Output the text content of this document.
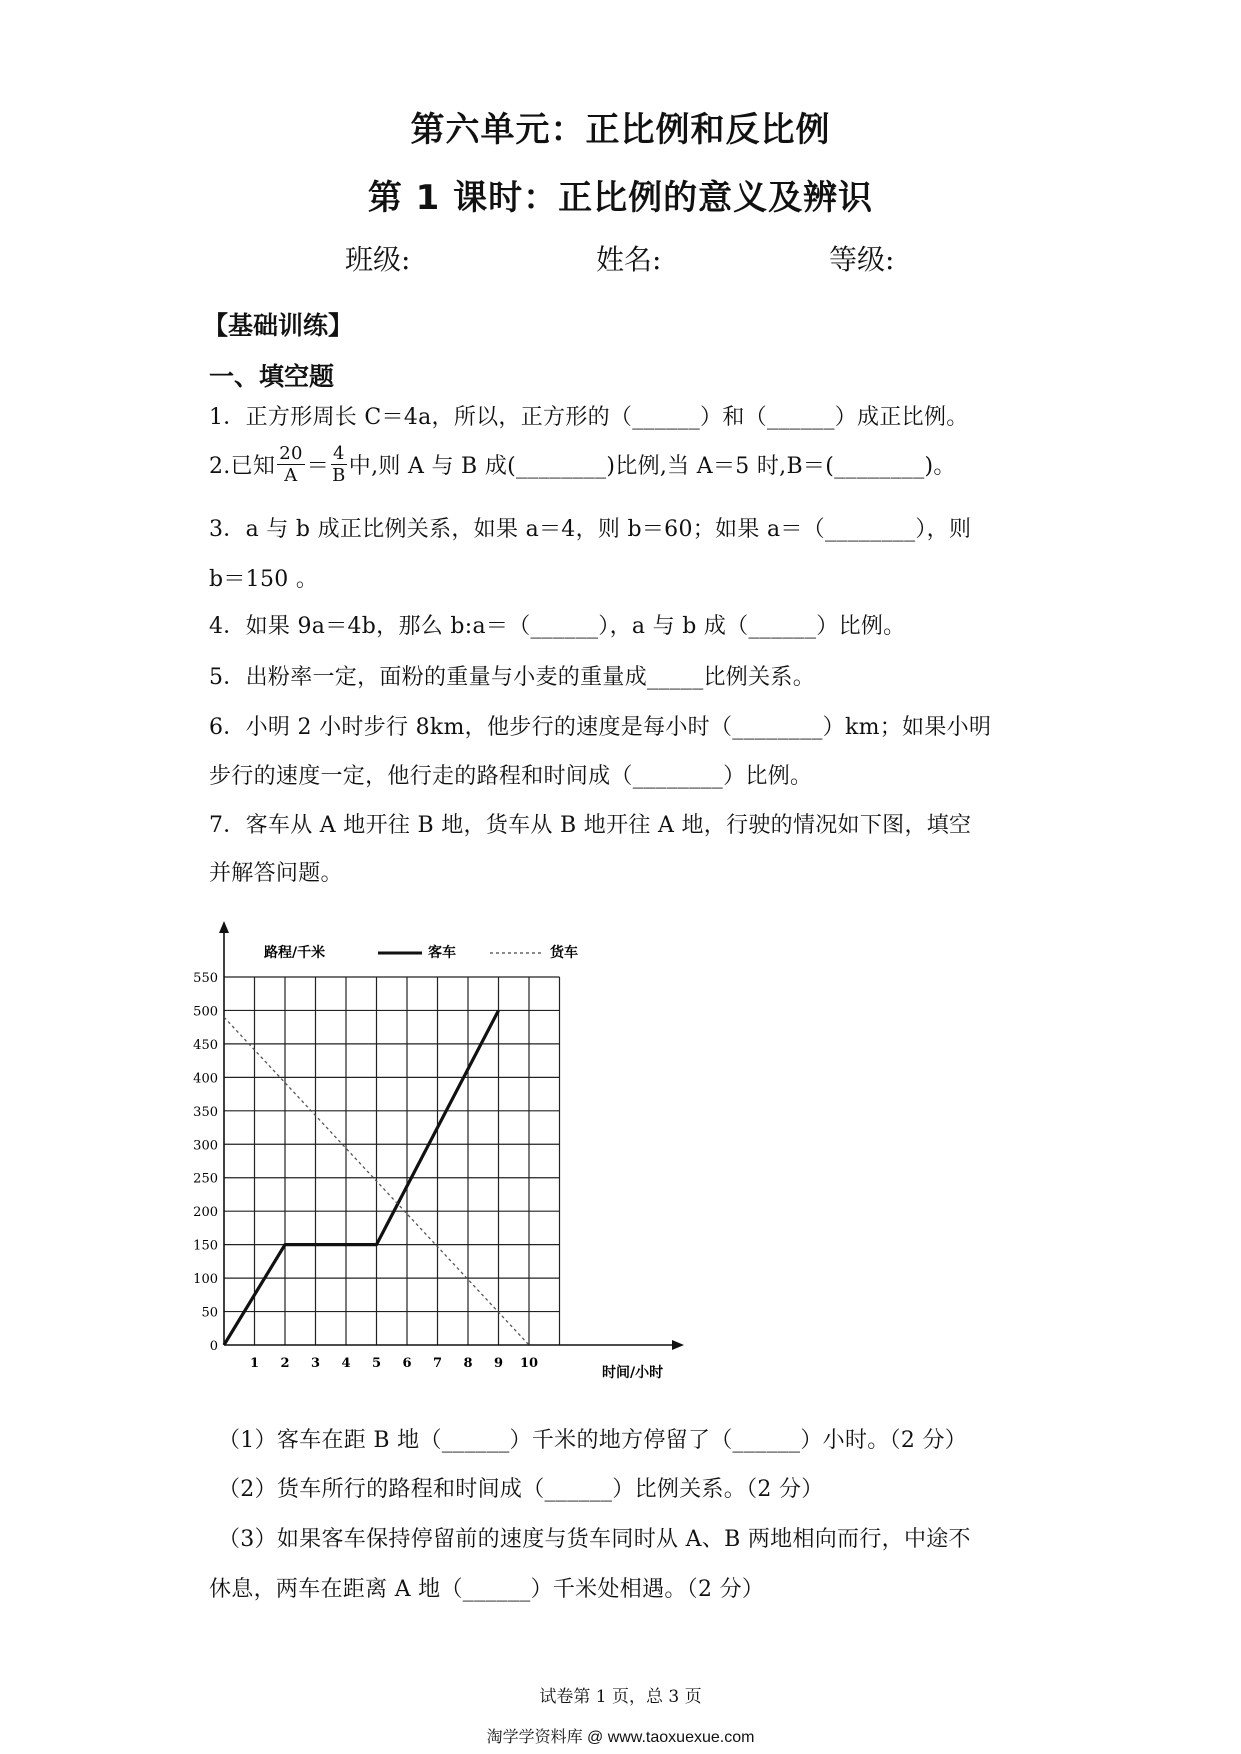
第六单元：正比例和反比例
第 1 课时：正比例的意义及辨识
班级:	姓名:	等级:
【基础训练】
一、填空题
1．正方形周长 C＝4a，所以，正方形的（______）和（______）成正比例。
2.已知 $\frac{20}{A} = \frac{4}{B}$ 中,则 A 与 B 成(________)比例,当 A＝5 时,B＝(________)。
3．a 与 b 成正比例关系，如果 a＝4，则 b＝60；如果 a＝（________），则
b＝150 。
4．如果 9a＝4b，那么 b:a＝（______），a 与 b 成（______）比例。
5．出粉率一定，面粉的重量与小麦的重量成_____比例关系。
6．小明 2 小时步行 8km，他步行的速度是每小时（________）km；如果小明
步行的速度一定，他行走的路程和时间成（________）比例。
7．客车从 A 地开往 B 地，货车从 B 地开往 A 地，行驶的情况如下图，填空
并解答问题。
0
50
100
150
200
250
300
350
400
450
500
550
1 2 3 4 5 6 7 8 9 10
路程/千米	客车	货车
时间/小时
（1）客车在距 B 地（______）千米的地方停留了（______）小时。（2 分）
（2）货车所行的路程和时间成（______）比例关系。（2 分）
（3）如果客车保持停留前的速度与货车同时从 A、B 两地相向而行，中途不
休息，两车在距离 A 地（______）千米处相遇。（2 分）
试卷第 1 页，总 3 页
淘学学资料库 @ www.taoxuexue.com
